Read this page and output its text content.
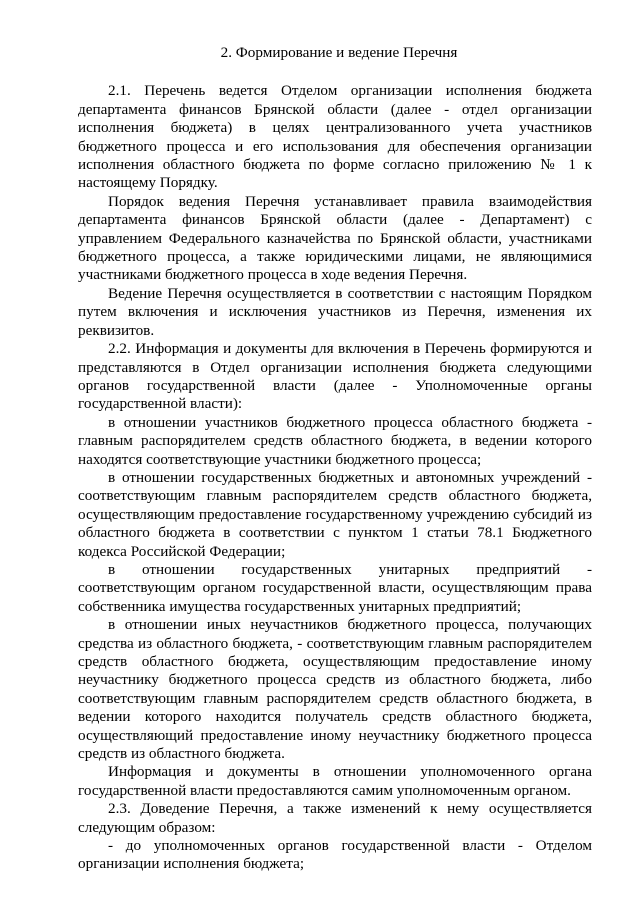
2. Формирование и ведение Перечня

2.1. Перечень ведется Отделом организации исполнения бюджета департамента финансов Брянской области (далее - отдел организации исполнения бюджета) в целях централизованного учета участников бюджетного процесса и его использования для обеспечения организации исполнения областного бюджета по форме согласно приложению № 1 к настоящему Порядку.

Порядок ведения Перечня устанавливает правила взаимодействия департамента финансов Брянской области (далее - Департамент) с управлением Федерального казначейства по Брянской области, участниками бюджетного процесса, а также юридическими лицами, не являющимися участниками бюджетного процесса в ходе ведения Перечня.

Ведение Перечня осуществляется в соответствии с настоящим Порядком путем включения и исключения участников из Перечня, изменения их реквизитов.

2.2. Информация и документы для включения в Перечень формируются и представляются в Отдел организации исполнения бюджета следующими органов государственной власти (далее - Уполномоченные органы государственной власти):

в отношении участников бюджетного процесса областного бюджета - главным распорядителем средств областного бюджета, в ведении которого находятся соответствующие участники бюджетного процесса;

в отношении государственных бюджетных и автономных учреждений - соответствующим главным распорядителем средств областного бюджета, осуществляющим предоставление государственному учреждению субсидий из областного бюджета в соответствии с пунктом 1 статьи 78.1 Бюджетного кодекса Российской Федерации;

в отношении государственных унитарных предприятий - соответствующим органом государственной власти, осуществляющим права собственника имущества государственных унитарных предприятий;

в отношении иных неучастников бюджетного процесса, получающих средства из областного бюджета, - соответствующим главным распорядителем средств областного бюджета, осуществляющим предоставление иному неучастнику бюджетного процесса средств из областного бюджета, либо соответствующим главным распорядителем средств областного бюджета, в ведении которого находится получатель средств областного бюджета, осуществляющий предоставление иному неучастнику бюджетного процесса средств из областного бюджета.

Информация и документы в отношении уполномоченного органа государственной власти предоставляются самим уполномоченным органом.

2.3. Доведение Перечня, а также изменений к нему осуществляется следующим образом:

- до уполномоченных органов государственной власти - Отделом организации исполнения бюджета;
